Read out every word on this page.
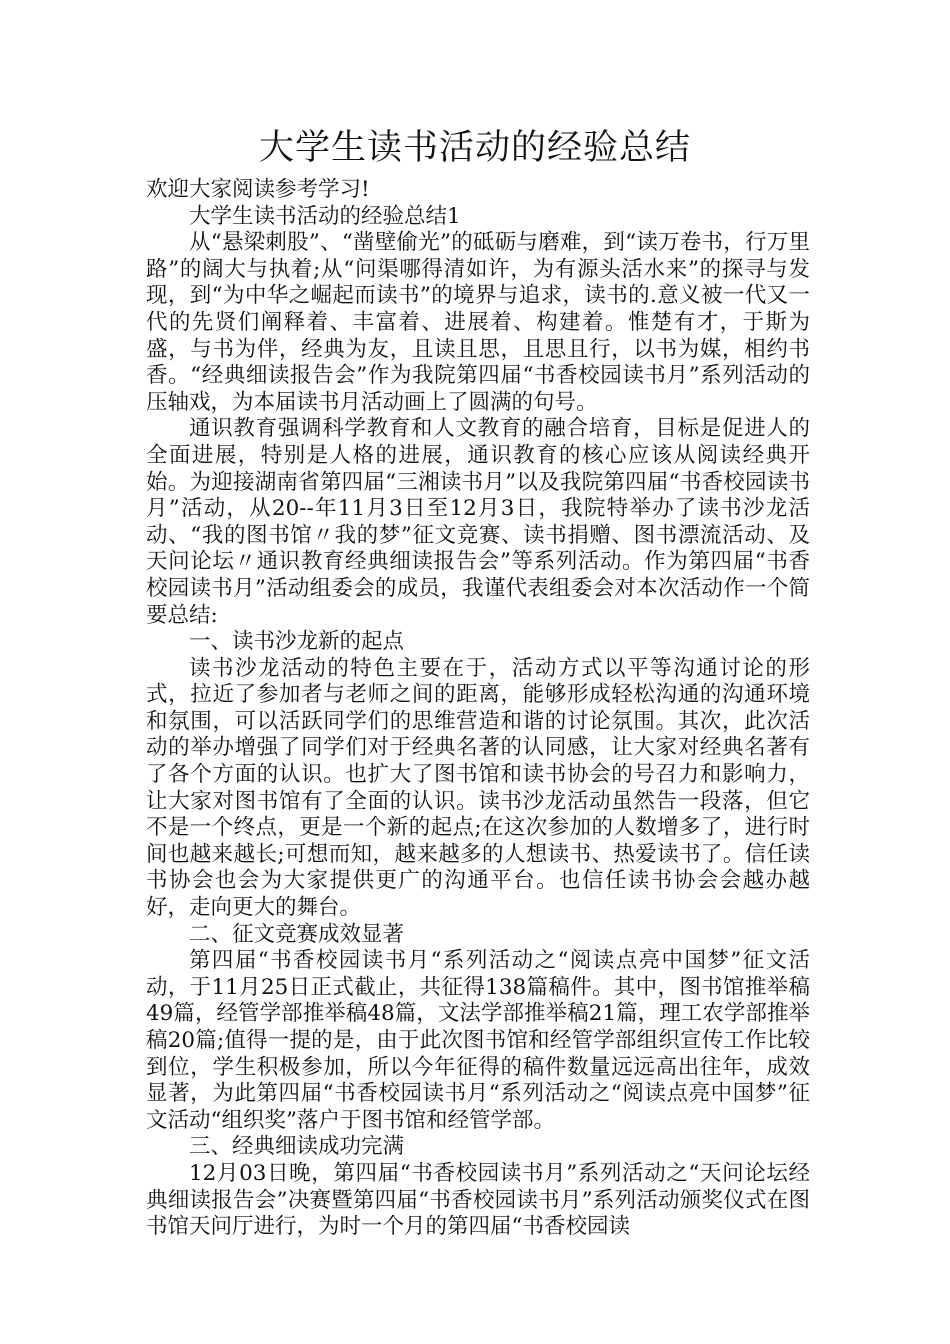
大学生读书活动的经验总结

欢迎大家阅读参考学习!

大学生读书活动的经验总结1

从“悬梁刺股”、“凿壁偷光”的砥砺与磨难，到“读万卷书，行万里路”的阔大与执着;从“问渠哪得清如许，为有源头活水来”的探寻与发现，到“为中华之崛起而读书”的境界与追求，读书的.意义被一代又一代的先贤们阐释着、丰富着、进展着、构建着。惟楚有才，于斯为盛，与书为伴，经典为友，且读且思，且思且行，以书为媒，相约书香。“经典细读报告会”作为我院第四届“书香校园读书月”系列活动的压轴戏，为本届读书月活动画上了圆满的句号。

通识教育强调科学教育和人文教育的融合培育，目标是促进人的全面进展，特别是人格的进展，通识教育的核心应该从阅读经典开始。为迎接湖南省第四届“三湘读书月”以及我院第四届“书香校园读书月”活动，从20--年11月3日至12月3日，我院特举办了读书沙龙活动、“我的图书馆〃我的梦”征文竞赛、读书捐赠、图书漂流活动、及天问论坛〃通识教育经典细读报告会”等系列活动。作为第四届“书香校园读书月”活动组委会的成员，我谨代表组委会对本次活动作一个简要总结:

一、读书沙龙新的起点

读书沙龙活动的特色主要在于，活动方式以平等沟通讨论的形式，拉近了参加者与老师之间的距离，能够形成轻松沟通的沟通环境和氛围，可以活跃同学们的思维营造和谐的讨论氛围。其次，此次活动的举办增强了同学们对于经典名著的认同感，让大家对经典名著有了各个方面的认识。也扩大了图书馆和读书协会的号召力和影响力，让大家对图书馆有了全面的认识。读书沙龙活动虽然告一段落，但它不是一个终点，更是一个新的起点;在这次参加的人数增多了，进行时间也越来越长;可想而知，越来越多的人想读书、热爱读书了。信任读书协会也会为大家提供更广的沟通平台。也信任读书协会会越办越好，走向更大的舞台。

二、征文竞赛成效显著

第四届“书香校园读书月“系列活动之“阅读点亮中国梦”征文活动，于11月25日正式截止，共征得138篇稿件。其中，图书馆推举稿49篇，经管学部推举稿48篇，文法学部推举稿21篇，理工农学部推举稿20篇;值得一提的是，由于此次图书馆和经管学部组织宣传工作比较到位，学生积极参加，所以今年征得的稿件数量远远高出往年，成效显著，为此第四届“书香校园读书月“系列活动之“阅读点亮中国梦”征文活动“组织奖”落户于图书馆和经管学部。

三、经典细读成功完满

12月03日晚，第四届“书香校园读书月”系列活动之“天问论坛经典细读报告会”决赛暨第四届“书香校园读书月”系列活动颁奖仪式在图书馆天问厅进行，为时一个月的第四届“书香校园读
